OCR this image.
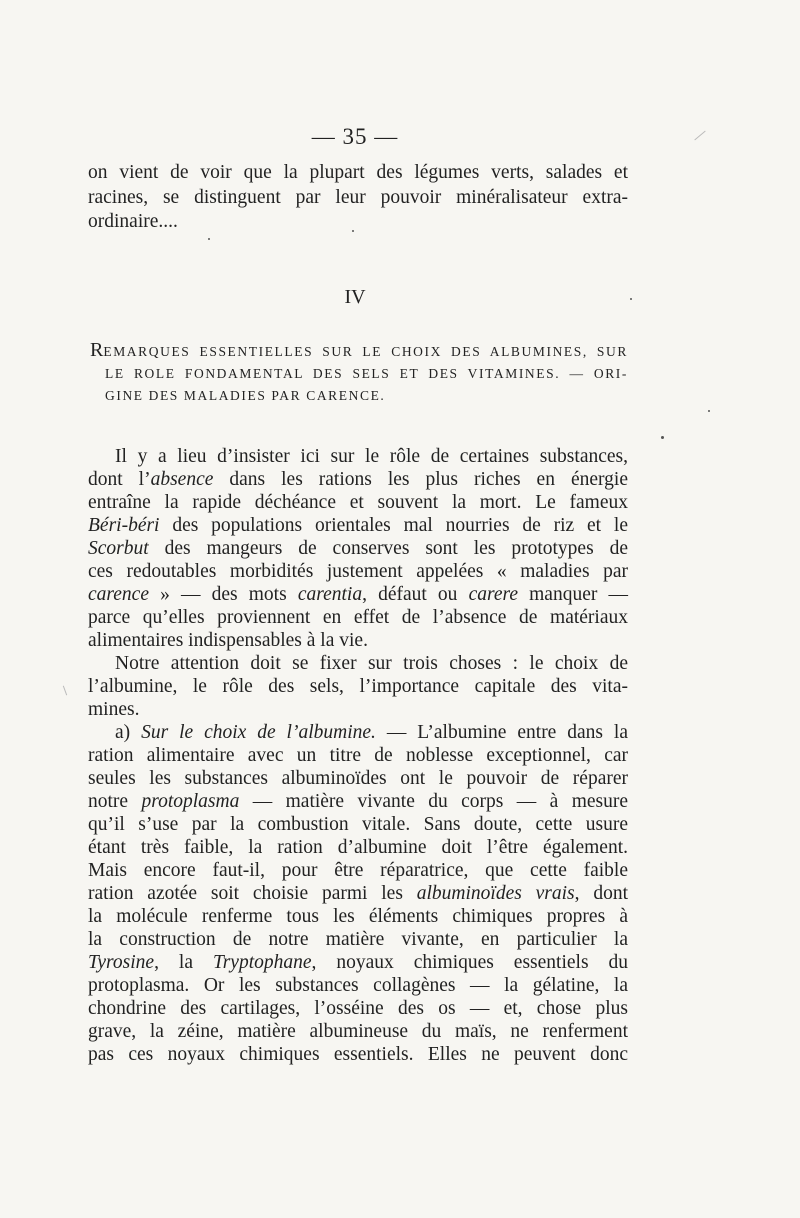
— 35 —
on vient de voir que la plupart des légumes verts, salades et
racines, se distinguent par leur pouvoir minéralisateur extra-
ordinaire....
IV
REMARQUES ESSENTIELLES SUR LE CHOIX DES ALBUMINES, SUR
LE ROLE FONDAMENTAL DES SELS ET DES VITAMINES. — ORI-
GINE DES MALADIES PAR CARENCE.
Il y a lieu d’insister ici sur le rôle de certaines substances,
dont l’absence dans les rations les plus riches en énergie
entraîne la rapide déchéance et souvent la mort. Le fameux
Béri-béri des populations orientales mal nourries de riz et le
Scorbut des mangeurs de conserves sont les prototypes de
ces redoutables morbidités justement appelées « maladies par
carence » — des mots carentia, défaut ou carere manquer —
parce qu’elles proviennent en effet de l’absence de matériaux
alimentaires indispensables à la vie.
Notre attention doit se fixer sur trois choses : le choix de
l’albumine, le rôle des sels, l’importance capitale des vita-
mines.
a) Sur le choix de l’albumine. — L’albumine entre dans la
ration alimentaire avec un titre de noblesse exceptionnel, car
seules les substances albuminoïdes ont le pouvoir de réparer
notre protoplasma — matière vivante du corps — à mesure
qu’il s’use par la combustion vitale. Sans doute, cette usure
étant très faible, la ration d’albumine doit l’être également.
Mais encore faut-il, pour être réparatrice, que cette faible
ration azotée soit choisie parmi les albuminoïdes vrais, dont
la molécule renferme tous les éléments chimiques propres à
la construction de notre matière vivante, en particulier la
Tyrosine, la Tryptophane, noyaux chimiques essentiels du
protoplasma. Or les substances collagènes — la gélatine, la
chondrine des cartilages, l’osséine des os — et, chose plus
grave, la zéine, matière albumineuse du maïs, ne renferment
pas ces noyaux chimiques essentiels. Elles ne peuvent donc
